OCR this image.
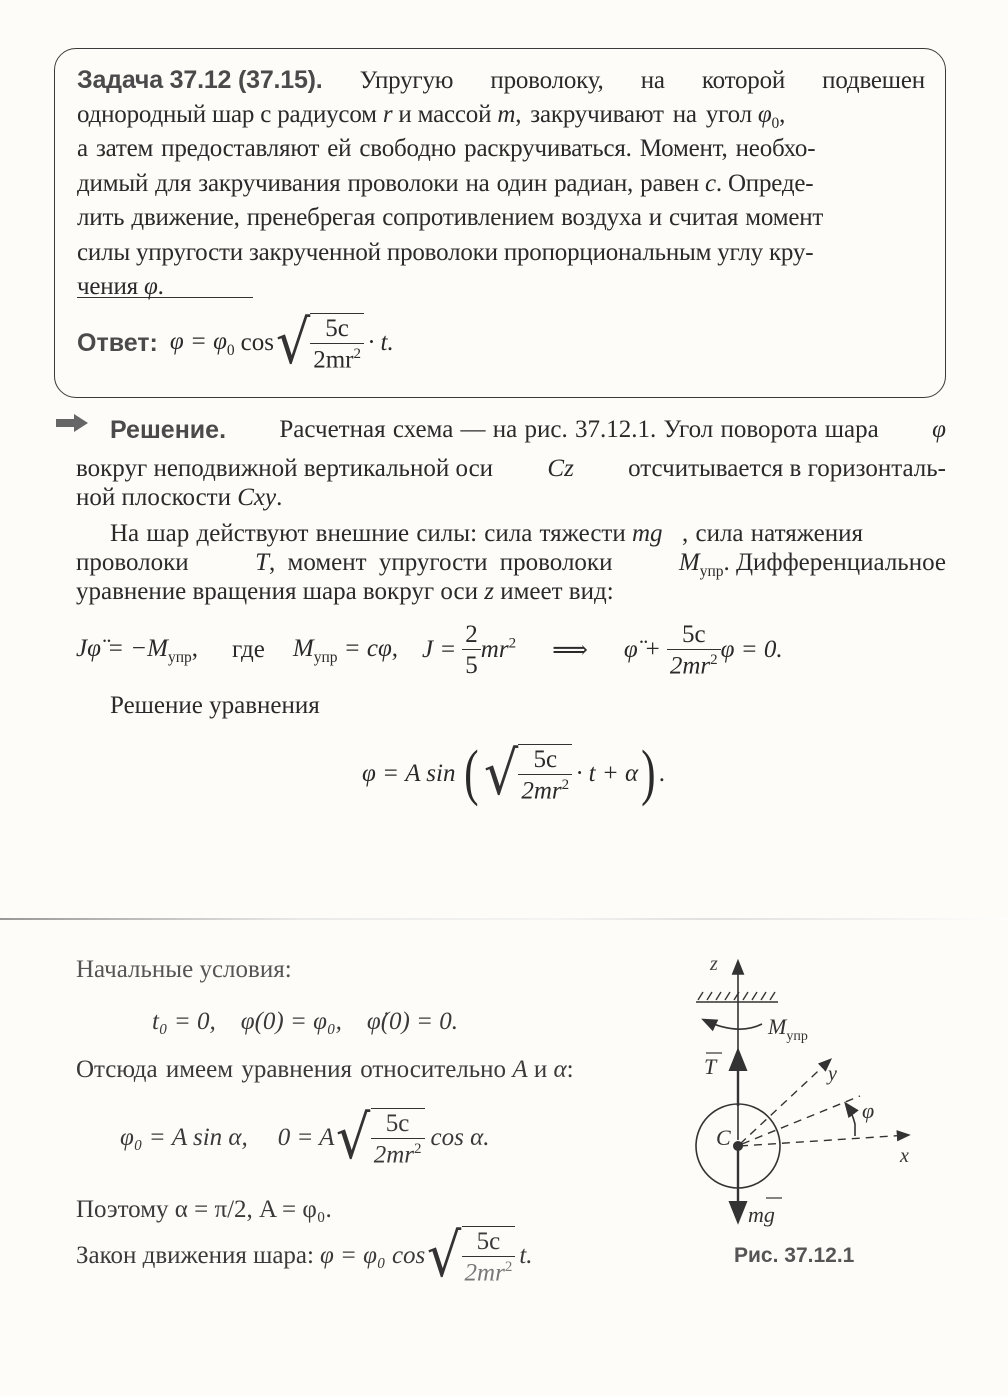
Задача 37.12 (37.15). Упругую проволоку, на которой подвешен
однородный шар с радиусом
r
и массой
m , закручивают на угол
$\varphi_0$ ,
а затем предоставляют ей свободно раскручиваться. Момент, необхо-
димый для закручивания проволоки на один радиан, равен
c . Опреде-
лить движение, пренебрегая сопротивлением воздуха и считая момент
силы упругости закрученной проволоки пропорциональным углу кру-
чения
φ .
Ответ: $\varphi = \varphi_0$ cos √ $\frac{5c}{2mr^2} \cdot t$.
Решение. Расчетная схема — на рис. 37.12.1. Угол поворота шара φ
вокруг неподвижной вертикальной оси Cz отсчитывается в горизонталь-
ной плоскости Cxy.
На шар действуют внешние силы: сила тяжести
mg⃗ , сила натяжения
проволоки	T, момент упругости проволоки	$M_{упр}$. Дифференциальное
уравнение вращения шара вокруг оси z имеет вид:
Jφ̈ = $-M_{упр}$, где $M_{упр} = c\varphi$, $J = \frac{2}{5} mr^2$ ⟹ φ̈ + $\frac{5c}{2mr^2}$ φ = 0.
Решение уравнения
φ = A sin ( √ $\frac{5c}{2mr^2} \cdot t + \alpha$ ) .
Начальные условия:
t₀ = 0,    φ(0) = φ₀,    φ̇(0) = 0.
Отсюда имеем уравнения относительно A и α:
φ₀ = A sin α, 0 = A √ $\frac{5c}{2mr^2}$ cos α.
Поэтому α = π/2, A = φ₀.
Закон движения шара: φ = φ₀ cos √ $\frac{5c}{2mr^2} t$.
z
$M_{упр}$
T
C
x
y
φ
mg
Рис. 37.12.1
